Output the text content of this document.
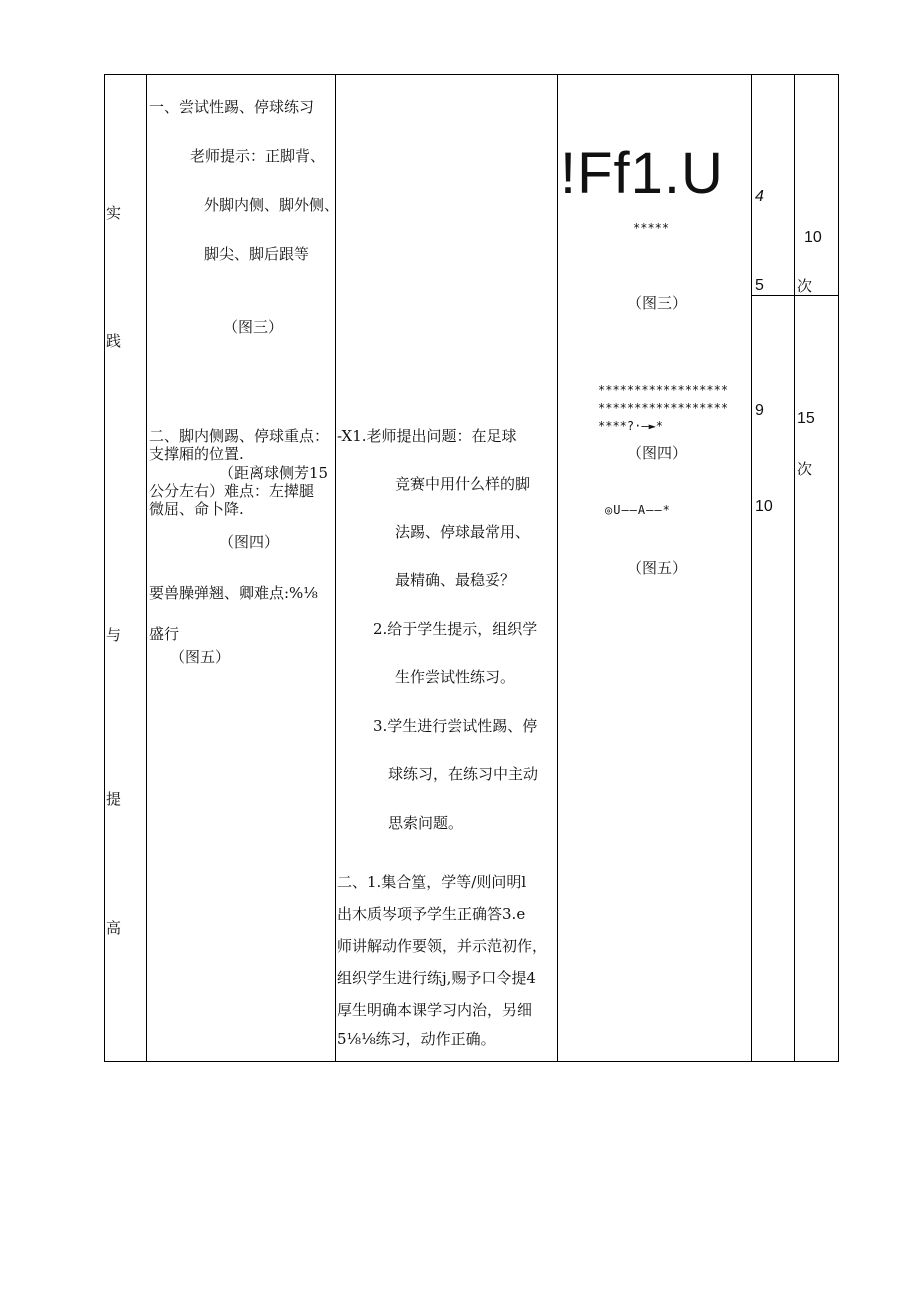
实
践
与
提
高
一、尝试性踢、停球练习
老师提示：正脚背、
外脚内侧、脚外侧、
脚尖、脚后跟等
（图三）
二、脚内侧踢、停球重点：
支撑厢的位置.
（距离球侧芳15
公分左右）难点：左撵腿
微屈、命卜降.
（图四）
要兽臊弹翘、卿难点:%⅛
盛行
（图五）
-X1.老师提出问题：在足球
竞赛中用什么样的脚
法踢、停球最常用、
最精确、最稳妥？
2.给于学生提示，组织学
生作尝试性练习。
3.学生进行尝试性踢、停
球练习，在练习中主动
思索问题。
二、1.集合篁，学等/则问明l
出木质岑项予学生正确答3.e
师讲解动作要领，并示范初作，
组织学生进行练j,赐予口令提4
厚生明确本课学习内治，另细
5⅛⅛练习，动作正确。
!Ff1.U
*****
（图三）
******************
******************
****?·—►*
（图四）
◎U——A——*
（图五）
4
5
9
10
10
次
15
次
